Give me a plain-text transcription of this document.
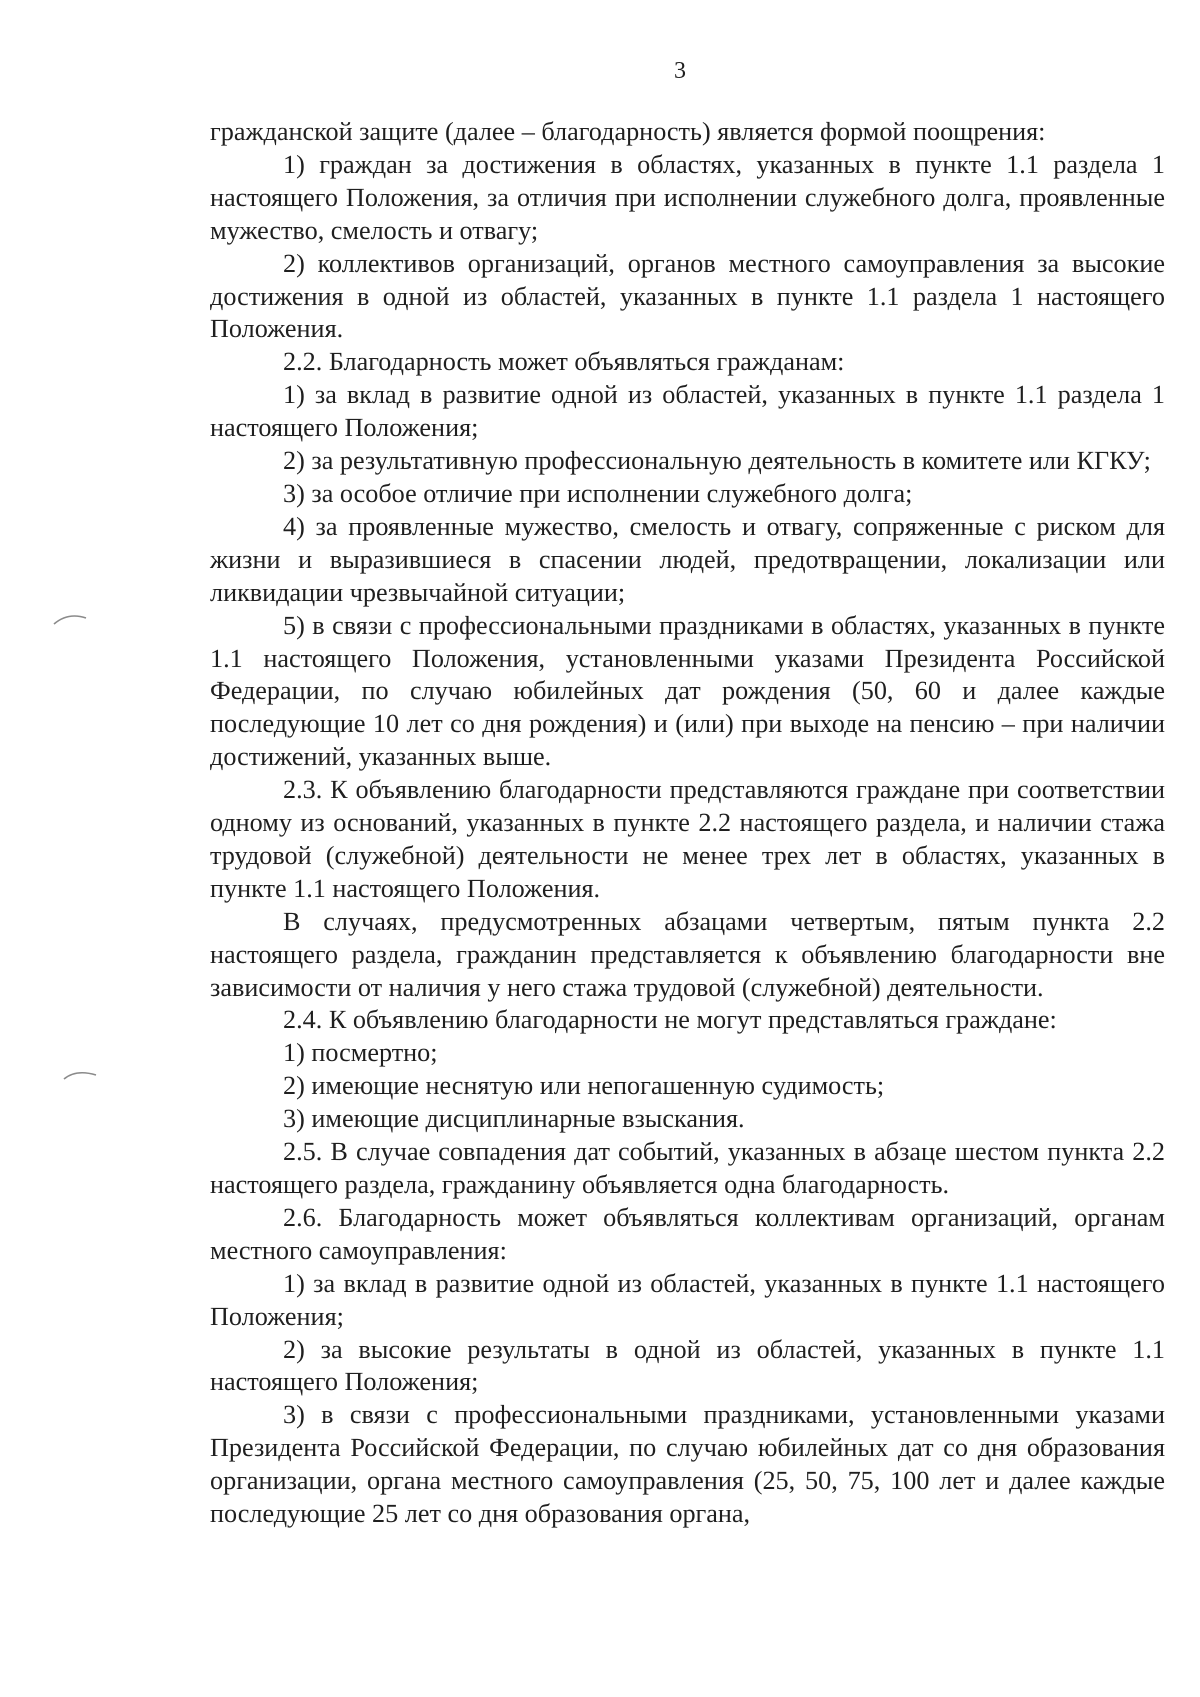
3

гражданской защите (далее – благодарность) является формой поощрения:

1) граждан за достижения в областях, указанных в пункте 1.1 раздела 1 настоящего Положения, за отличия при исполнении служебного долга, проявленные мужество, смелость и отвагу;

2) коллективов организаций, органов местного самоуправления за высокие достижения в одной из областей, указанных в пункте 1.1 раздела 1 настоящего Положения.

2.2. Благодарность может объявляться гражданам:

1) за вклад в развитие одной из областей, указанных в пункте 1.1 раздела 1 настоящего Положения;

2) за результативную профессиональную деятельность в комитете или КГКУ;

3) за особое отличие при исполнении служебного долга;

4) за проявленные мужество, смелость и отвагу, сопряженные с риском для жизни и выразившиеся в спасении людей, предотвращении, локализации или ликвидации чрезвычайной ситуации;

5) в связи с профессиональными праздниками в областях, указанных в пункте 1.1 настоящего Положения, установленными указами Президента Российской Федерации, по случаю юбилейных дат рождения (50, 60 и далее каждые последующие 10 лет со дня рождения) и (или) при выходе на пенсию – при наличии достижений, указанных выше.

2.3. К объявлению благодарности представляются граждане при соответствии одному из оснований, указанных в пункте 2.2 настоящего раздела, и наличии стажа трудовой (служебной) деятельности не менее трех лет в областях, указанных в пункте 1.1 настоящего Положения.

В случаях, предусмотренных абзацами четвертым, пятым пункта 2.2 настоящего раздела, гражданин представляется к объявлению благодарности вне зависимости от наличия у него стажа трудовой (служебной) деятельности.

2.4. К объявлению благодарности не могут представляться граждане:

1) посмертно;

2) имеющие неснятую или непогашенную судимость;

3) имеющие дисциплинарные взыскания.

2.5. В случае совпадения дат событий, указанных в абзаце шестом пункта 2.2 настоящего раздела, гражданину объявляется одна благодарность.

2.6. Благодарность может объявляться коллективам организаций, органам местного самоуправления:

1) за вклад в развитие одной из областей, указанных в пункте 1.1 настоящего Положения;

2) за высокие результаты в одной из областей, указанных в пункте 1.1 настоящего Положения;

3) в связи с профессиональными праздниками, установленными указами Президента Российской Федерации, по случаю юбилейных дат со дня образования организации, органа местного самоуправления (25, 50, 75, 100 лет и далее каждые последующие 25 лет со дня образования органа,
